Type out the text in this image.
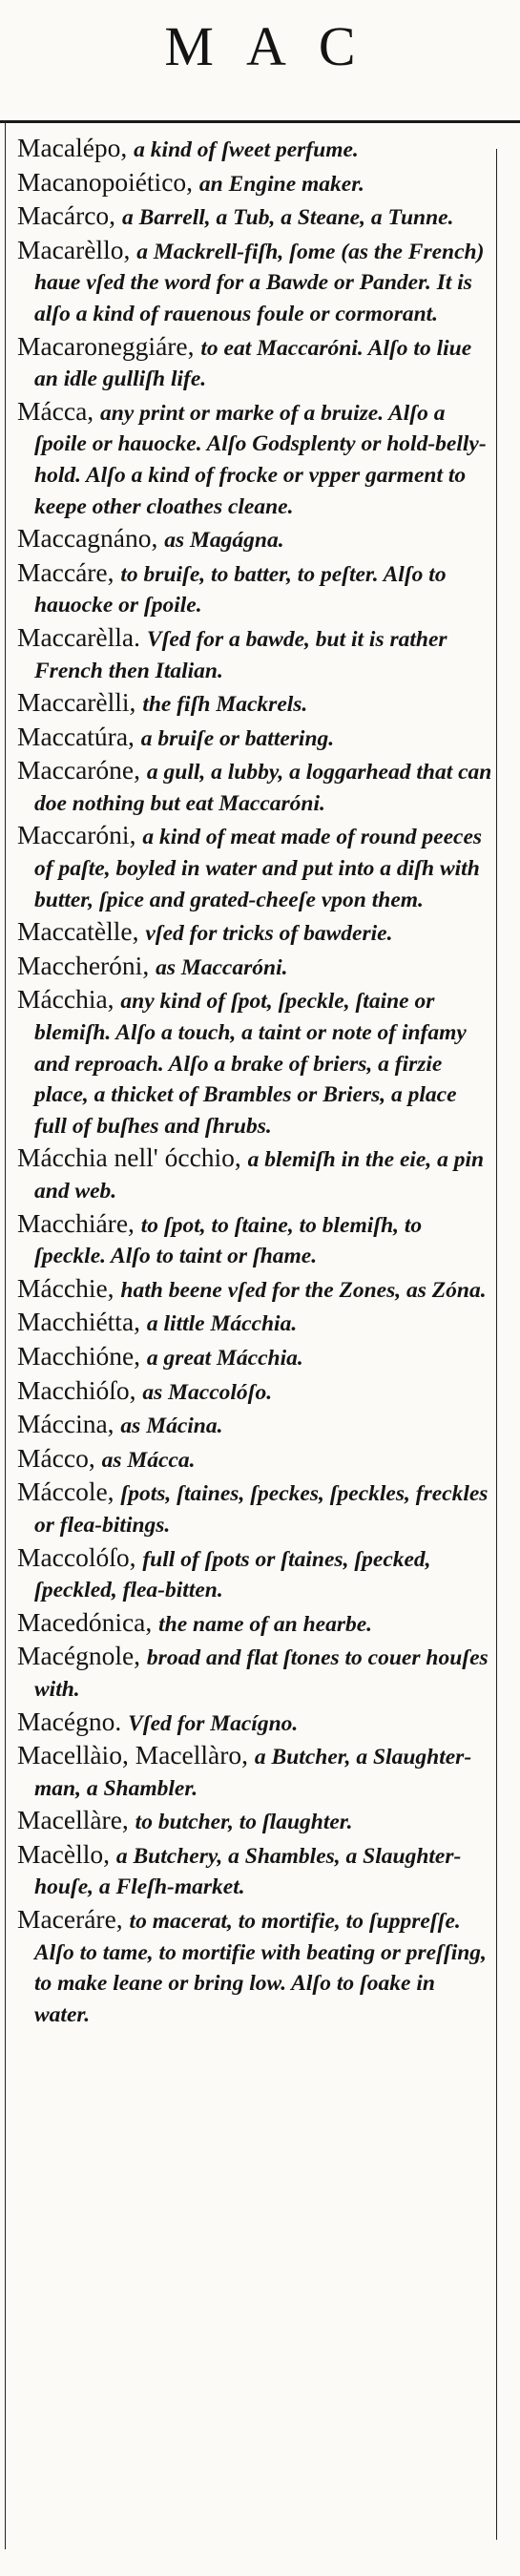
MAC

Macalépo, a kind of ſweet perfume.

Macanopoiético, an Engine maker.

Macárco, a Barrell, a Tub, a Steane, a Tunne.

Macarèllo, a Mackrell-fiſh, ſome (as the French) haue vſed the word for a Bawde or Pander. It is alſo a kind of rauenous foule or cormorant.

Macaroneggiáre, to eat Maccaróni. Alſo to liue an idle gulliſh life.

Mácca, any print or marke of a bruize. Alſo a ſpoile or hauocke. Alſo Godsplenty or hold-belly-hold. Alſo a kind of frocke or vpper garment to keepe other cloathes cleane.

Maccagnáno, as Magágna.

Maccáre, to bruiſe, to batter, to peſter. Alſo to hauocke or ſpoile.

Maccarèlla. Vſed for a bawde, but it is rather French then Italian.

Maccarèlli, the fiſh Mackrels.

Maccatúra, a bruiſe or battering.

Maccaróne, a gull, a lubby, a loggarhead that can doe nothing but eat Maccaróni.

Maccaróni, a kind of meat made of round peeces of paſte, boyled in water and put into a diſh with butter, ſpice and grated-cheeſe vpon them.

Maccatèlle, vſed for tricks of bawderie.

Maccheróni, as Maccaróni.

Mácchia, any kind of ſpot, ſpeckle, ſtaine or blemiſh. Alſo a touch, a taint or note of infamy and reproach. Alſo a brake of briers, a firzie place, a thicket of Brambles or Briers, a place full of buſhes and ſhrubs.

Mácchia nell' ócchio, a blemiſh in the eie, a pin and web.

Macchiáre, to ſpot, to ſtaine, to blemiſh, to ſpeckle. Alſo to taint or ſhame.

Mácchie, hath beene vſed for the Zones, as Zóna.

Macchiétta, a little Mácchia.

Macchióne, a great Mácchia.

Macchióſo, as Maccolóſo.

Máccina, as Mácina.

Mácco, as Mácca.

Máccole, ſpots, ſtaines, ſpeckes, ſpeckles, freckles or flea-bitings.

Maccolóſo, full of ſpots or ſtaines, ſpecked, ſpeckled, flea-bitten.

Macedónica, the name of an hearbe.

Macégnole, broad and flat ſtones to couer houſes with.

Macégno. Vſed for Macígno.

Macellàio, Macellàro, a Butcher, a Slaughter-man, a Shambler.

Macellàre, to butcher, to ſlaughter.

Macèllo, a Butchery, a Shambles, a Slaughter-houſe, a Fleſh-market.

Maceráre, to macerat, to mortifie, to ſuppreſſe. Alſo to tame, to mortifie with beating or preſſing, to make leane or bring low. Alſo to ſoake in water.
